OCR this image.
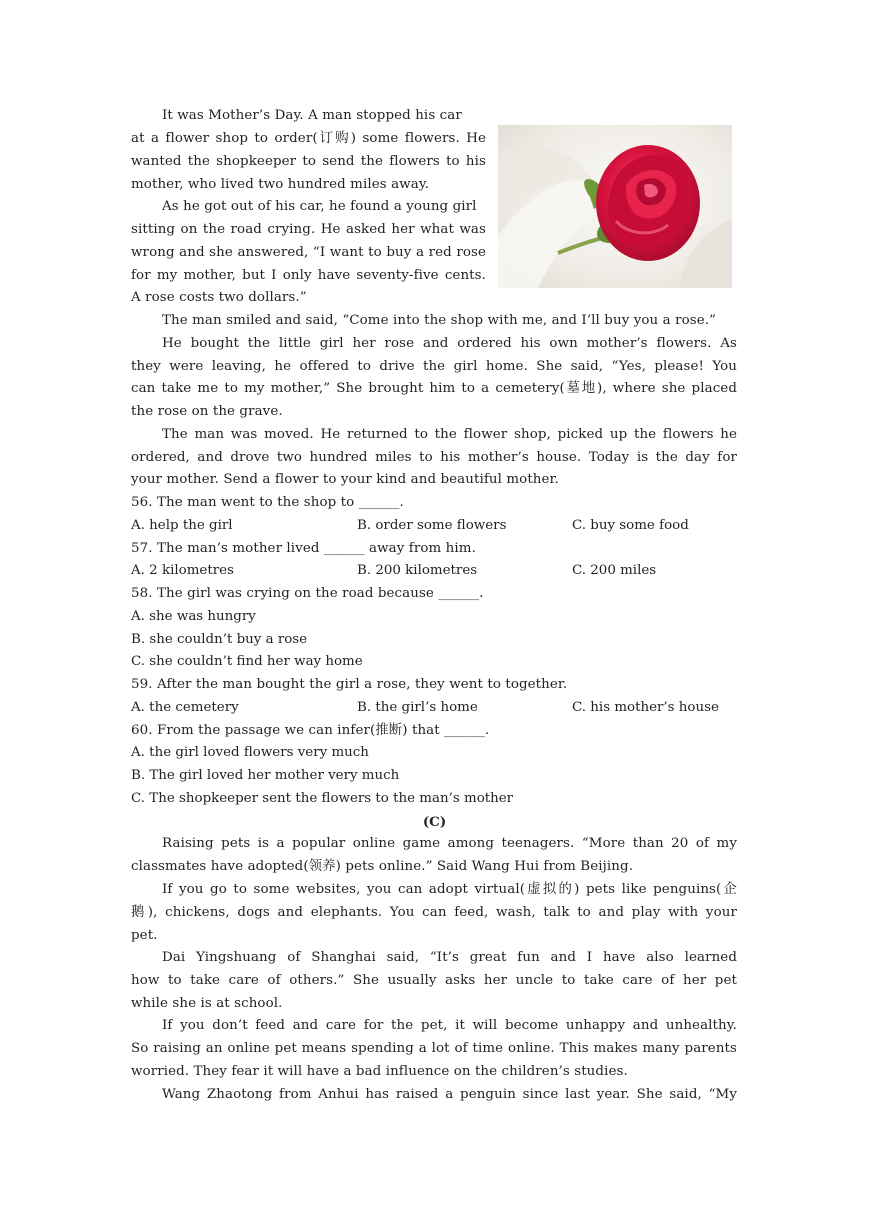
It was Mother’s Day. A man stopped his car
at a flower shop to order(订购) some flowers. He
wanted the shopkeeper to send the flowers to his
mother, who lived two hundred miles away.
As he got out of his car, he found a young girl
sitting on the road crying. He asked her what was
wrong and she answered, “I want to buy a red rose
for my mother, but I only have seventy-five cents.
A rose costs two dollars.”
The man smiled and said, “Come into the shop with me, and I’ll buy you a rose.”
He bought the little girl her rose and ordered his own mother’s flowers. As
they were leaving, he offered to drive the girl home. She said, “Yes, please! You
can take me to my mother,” She brought him to a cemetery(墓地), where she placed
the rose on the grave.
The man was moved. He returned to the flower shop, picked up the flowers he
ordered, and drove two hundred miles to his mother’s house. Today is the day for
your mother. Send a flower to your kind and beautiful mother.
56. The man went to the shop to ______.
A. help the girl	B. order some flowers	C. buy some food
57. The man’s mother lived ______ away from him.
A. 2 kilometres	B. 200 kilometres	C. 200 miles
58. The girl was crying on the road because ______.
A. she was hungry
B. she couldn’t buy a rose
C. she couldn’t find her way home
59. After the man bought the girl a rose, they went to together.
A. the cemetery	B. the girl’s home	C. his mother’s house
60. From the passage we can infer(推断) that ______.
A. the girl loved flowers very much
B. The girl loved her mother very much
C. The shopkeeper sent the flowers to the man’s mother
(C)
Raising pets is a popular online game among teenagers. “More than 20 of my
classmates have adopted(领养) pets online.” Said Wang Hui from Beijing.
If you go to some websites, you can adopt virtual(虚拟的) pets like penguins(企
鹅), chickens, dogs and elephants. You can feed, wash, talk to and play with your
pet.
Dai Yingshuang of Shanghai said, “It’s great fun and I have also learned
how to take care of others.” She usually asks her uncle to take care of her pet
while she is at school.
If you don’t feed and care for the pet, it will become unhappy and unhealthy.
So raising an online pet means spending a lot of time online. This makes many parents
worried. They fear it will have a bad influence on the children’s studies.
Wang Zhaotong from Anhui has raised a penguin since last year. She said, “My
